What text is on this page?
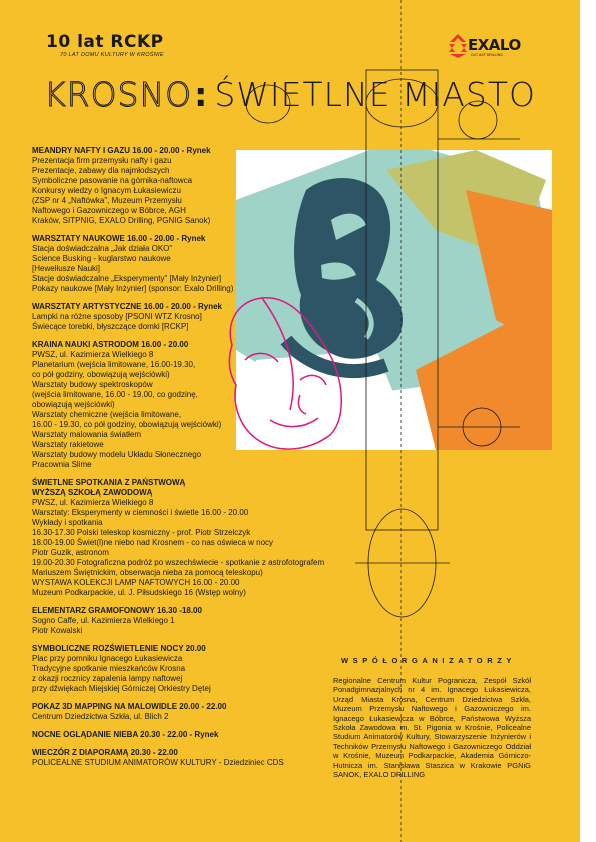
10 lat RCKP
70 LAT DOMU KULTURY W KROŚNIE
EXALO
CUT ASF DRILLING
KROSNO: ŚWIETLNE MIASTO
MEANDRY NAFTY I GAZU 16.00 - 20.00 - Rynek
Prezentacja firm przemysłu nafty i gazu
Prezentacje, zabawy dla najmłodszych
Symboliczne pasowanie na górnika-naftowca
Konkursy wiedzy o Ignacym Łukasiewiczu
(ZSP nr 4 „Naftówka", Muzeum Przemysłu
Naftowego i Gazowniczego w Bóbrce, AGH
Kraków, SITPNIG, EXALO Drilling, PGNIG Sanok)
WARSZTATY NAUKOWE 16.00 - 20.00 - Rynek
Stacja doświadczalna „Jak działa OKO"
Science Busking - kuglarstwo naukowe
[Hewelłusze Nauki]
Stacje doświadczalne „Eksperymenty" [Mały Inżynier]
Pokazy naukowe [Mały Inżynier] (sponsor: Exalo Drilling)
WARSZTATY ARTYSTYCZNE 16.00 - 20.00 - Rynek
Lampki na różne sposoby [PSONI WTZ Krosno]
Świecące torebki, błyszczące domki [RCKP]
KRAINA NAUKI ASTRODOM 16.00 - 20.00
PWSZ, ul. Kazimierza Wielkiego 8
Planetarium (wejścia limitowane, 16.00-19.30,
co pół godziny, obowiązują wejściówki)
Warsztaty budowy spektroskopów
(wejścia limitowane, 16.00 - 19.00, co godzinę,
obowiązują wejściówki)
Warsztaty chemiczne (wejścia limitowane,
16.00 - 19.30, co pół godziny, obowiązują wejściówki)
Warsztaty malowania światłem
Warsztaty rakietowe
Warsztaty budowy modelu Układu Słonecznego
Pracownia Slime
ŚWIETLNE SPOTKANIA Z PAŃSTWOWĄ
WYŻSZĄ SZKOŁĄ ZAWODOWĄ
PWSZ, ul. Kazimierza Wielkiego 8
Warsztaty: Eksperymenty w ciemności i świetle 16.00 - 20.00
Wykłady i spotkania
16.30-17.30 Polski teleskop kosmiczny - prof. Piotr Strzelczyk
18.00-19.00 Świet(l)ne niebo nad Krosnem - co nas oświeca w nocy
Piotr Guzik, astronom
19.00-20.30 Fotograficzna podróż po wszechświecie - spotkanie z astrofotografem
Mariuszem Świętnickim, obserwacja nieba za pomocą teleskopu)
WYSTAWA KOLEKCJI LAMP NAFTOWYCH 16.00 - 20.00
Muzeum Podkarpackie, ul. J. Piłsudskiego 16 (Wstęp wolny)
ELEMENTARZ GRAMOFONOWY 16.30 -18.00
Sogno Caffe, ul. Kazimierza Wielkiego 1
Piotr Kowalski
SYMBOLICZNE ROZŚWIETLENIE NOCY 20.00
Plac przy pomniku Ignacego Łukasiewicza
Tradycyjne spotkanie mieszkańców Krosna
z okazji rocznicy zapalenia lampy naftowej
przy dźwiękach Miejskiej Górniczej Orkiestry Dętej
POKAZ 3D MAPPING NA MALOWIDLE 20.00 - 22.00
Centrum Dziedzictwa Szkła, ul. Blich 2
NOCNE OGLĄDANIE NIEBA 20.30 - 22.00 - Rynek
WIECZÓR Z DIAPORAMĄ 20.30 - 22.00
POLICEALNE STUDIUM ANIMATORÓW KULTURY - Dziedziniec CDS
WSPÓŁORGANIZATORZY

Regionalne Centrum Kultur Pogranicza, Zespół Szkół Ponadgimnazjalnych nr 4 im. Ignacego Łukasiewicza, Urząd Miasta Krosna, Centrum Dziedzictwa Szkła, Muzeum Przemysłu Naftowego i Gazowniczego im. Ignacego Łukasiewicza w Bóbrce, Państwowa Wyższa Szkoła Zawodowa im. St. Pigonia w Krośnie, Policealne Studium Animatorów Kultury, Stowarzyszenie Inżynierów i Techników Przemysłu Naftowego i Gazowniczego Oddział w Krośnie, Muzeum Podkarpackie, Akademia Górniczo-Hutnicza im. Stanisława Staszica w Krakowie PGNiG SANOK, EXALO DRILLING
